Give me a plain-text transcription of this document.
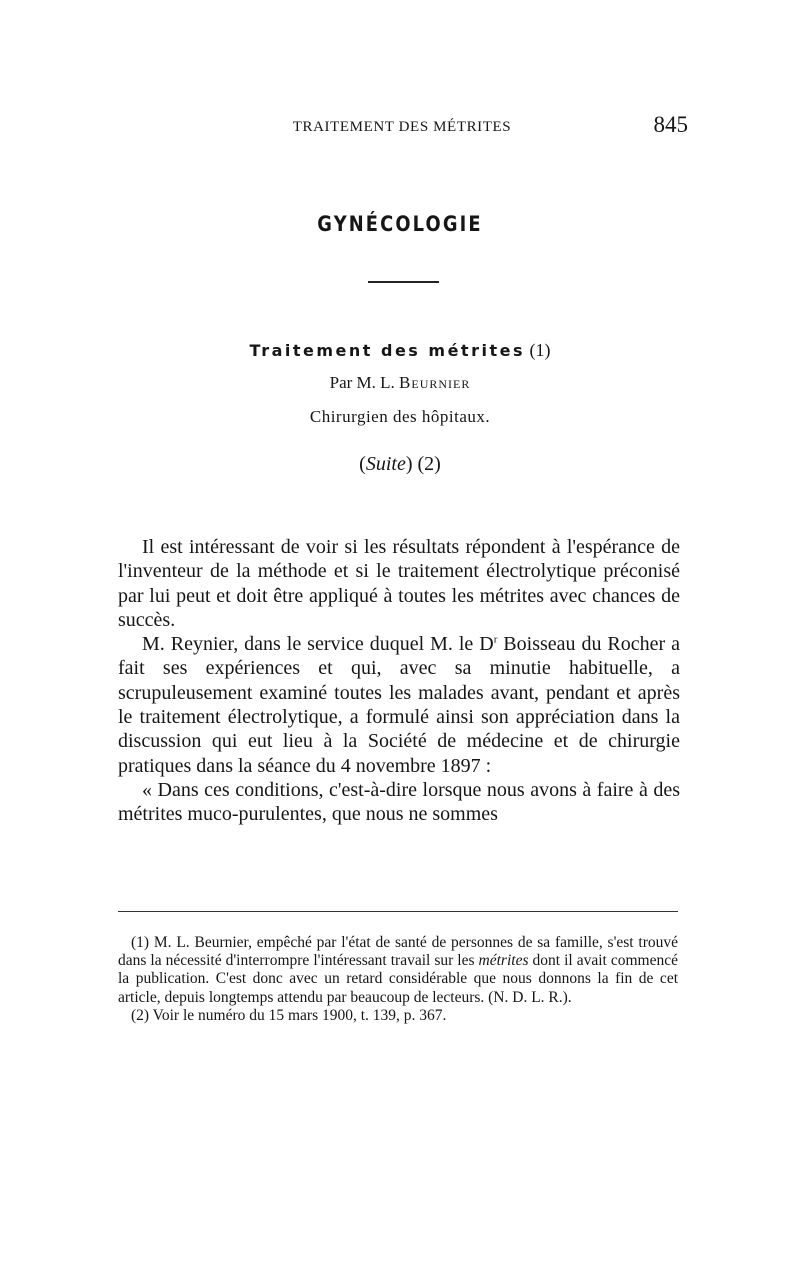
TRAITEMENT DES MÉTRITES	845
GYNÉCOLOGIE
Traitement des métrites (1)
Par M. L. Beurnier
Chirurgien des hôpitaux.
(Suite) (2)

Il est intéressant de voir si les résultats répondent à l'espérance de l'inventeur de la méthode et si le traitement électrolytique préconisé par lui peut et doit être appliqué à toutes les métrites avec chances de succès.

M. Reynier, dans le service duquel M. le $D^r$ Boisseau du Rocher a fait ses expériences et qui, avec sa minutie habituelle, a scrupuleusement examiné toutes les malades avant, pendant et après le traitement électrolytique, a formulé ainsi son appréciation dans la discussion qui eut lieu à la Société de médecine et de chirurgie pratiques dans la séance du 4 novembre 1897 :

« Dans ces conditions, c'est-à-dire lorsque nous avons à faire à des métrites muco-purulentes, que nous ne sommes

(1) M. L. Beurnier, empêché par l'état de santé de personnes de sa famille, s'est trouvé dans la nécessité d'interrompre l'intéressant travail sur les métrites dont il avait commencé la publication. C'est donc avec un retard considérable que nous donnons la fin de cet article, depuis longtemps attendu par beaucoup de lecteurs. (N. D. L. R.).

(2) Voir le numéro du 15 mars 1900, t. 139, p. 367.
